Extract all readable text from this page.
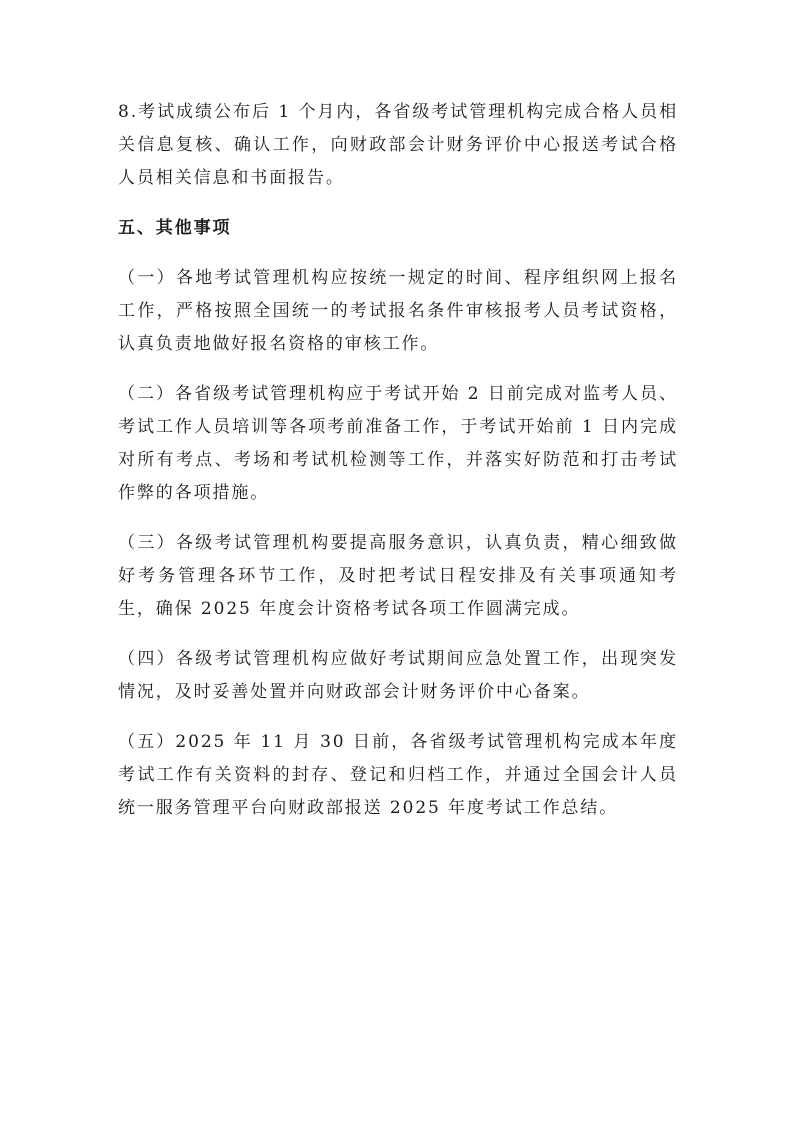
8.考试成绩公布后 1 个月内，各省级考试管理机构完成合格人员相关信息复核、确认工作，向财政部会计财务评价中心报送考试合格人员相关信息和书面报告。

五、其他事项

（一）各地考试管理机构应按统一规定的时间、程序组织网上报名工作，严格按照全国统一的考试报名条件审核报考人员考试资格，认真负责地做好报名资格的审核工作。

（二）各省级考试管理机构应于考试开始 2 日前完成对监考人员、考试工作人员培训等各项考前准备工作，于考试开始前 1 日内完成对所有考点、考场和考试机检测等工作，并落实好防范和打击考试作弊的各项措施。

（三）各级考试管理机构要提高服务意识，认真负责，精心细致做好考务管理各环节工作，及时把考试日程安排及有关事项通知考生，确保 2025 年度会计资格考试各项工作圆满完成。

（四）各级考试管理机构应做好考试期间应急处置工作，出现突发情况，及时妥善处置并向财政部会计财务评价中心备案。

（五）2025 年 11 月 30 日前，各省级考试管理机构完成本年度考试工作有关资料的封存、登记和归档工作，并通过全国会计人员统一服务管理平台向财政部报送 2025 年度考试工作总结。
